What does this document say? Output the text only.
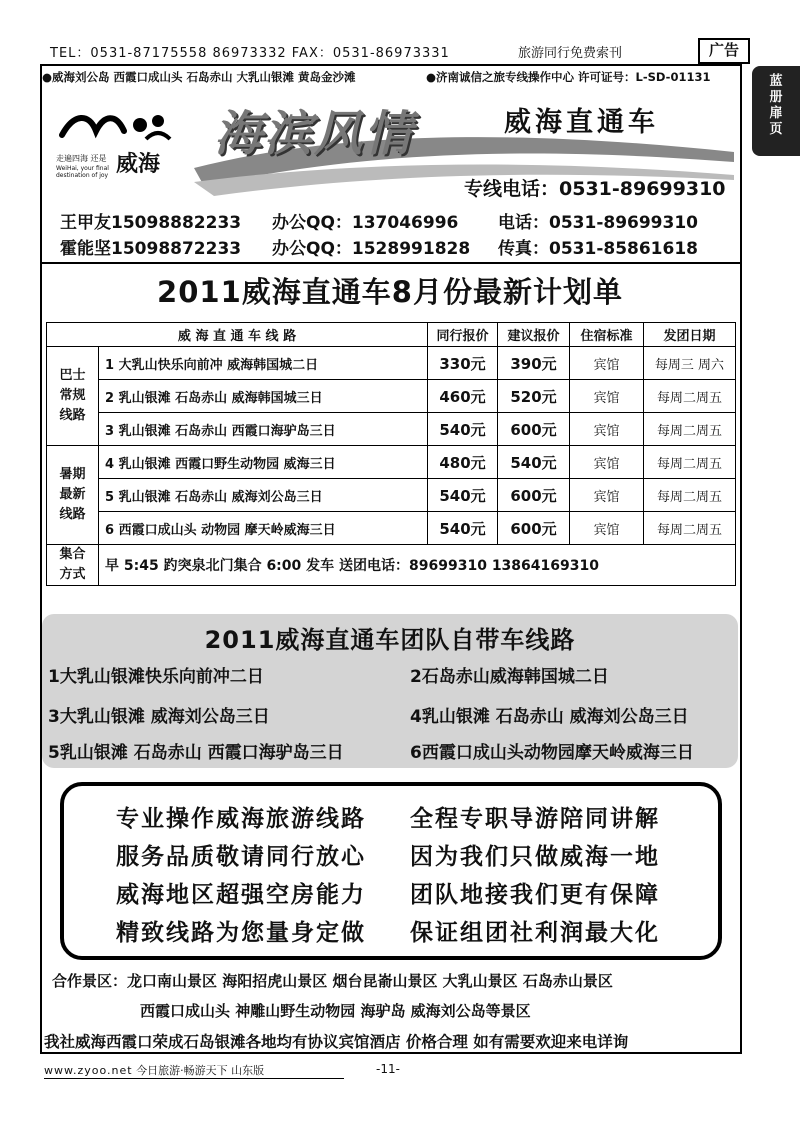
TEL：0531-87175558 86973332 FAX：0531-86973331	旅游同行免费索刊	广告
●威海刘公岛 西霞口成山头 石岛赤山 大乳山银滩 黄岛金沙滩	●济南诚信之旅专线操作中心 许可证号：L-SD-01131	蓝册扉页
走遍四海 还是
WeiHai, your final destination of joy 威海
海滨风情	威海直通车
专线电话：0531-89699310
王甲友15098882233 办公QQ：137046996 电话：0531-89699310
霍能坚15098872233 办公QQ：1528991828 传真：0531-85861618
2011威海直通车8月份最新计划单
威 海 直 通 车 线 路		同行报价	建议报价	住宿标准	发团日期
巴士
常规
线路	1 大乳山快乐向前冲 威海韩国城二日	330元	390元	宾馆	每周三 周六
	2 乳山银滩 石岛赤山 威海韩国城三日	460元	520元	宾馆	每周二周五
	3 乳山银滩 石岛赤山 西霞口海驴岛三日	540元	600元	宾馆	每周二周五
暑期
最新
线路	4 乳山银滩 西霞口野生动物园 威海三日	480元	540元	宾馆	每周二周五
	5 乳山银滩 石岛赤山 威海刘公岛三日	540元	600元	宾馆	每周二周五
	6 西霞口成山头 动物园 摩天岭威海三日	540元	600元	宾馆	每周二周五
集合
方式	早 5:45 趵突泉北门集合 6:00 发车 送团电话：89699310 13864169310				
2011威海直通车团队自带车线路
1大乳山银滩快乐向前冲二日	2石岛赤山威海韩国城二日
3大乳山银滩 威海刘公岛三日	4乳山银滩 石岛赤山 威海刘公岛三日
5乳山银滩 石岛赤山 西霞口海驴岛三日	6西霞口成山头动物园摩天岭威海三日
专业操作威海旅游线路 全程专职导游陪同讲解
服务品质敬请同行放心 因为我们只做威海一地
威海地区超强空房能力 团队地接我们更有保障
精致线路为您量身定做 保证组团社利润最大化
合作景区：龙口南山景区 海阳招虎山景区 烟台昆嵛山景区 大乳山景区 石岛赤山景区
西霞口成山头 神雕山野生动物园 海驴岛 威海刘公岛等景区
我社威海西霞口荣成石岛银滩各地均有协议宾馆酒店 价格合理 如有需要欢迎来电详询
www.zyoo.net 今日旅游·畅游天下 山东版	-11-
